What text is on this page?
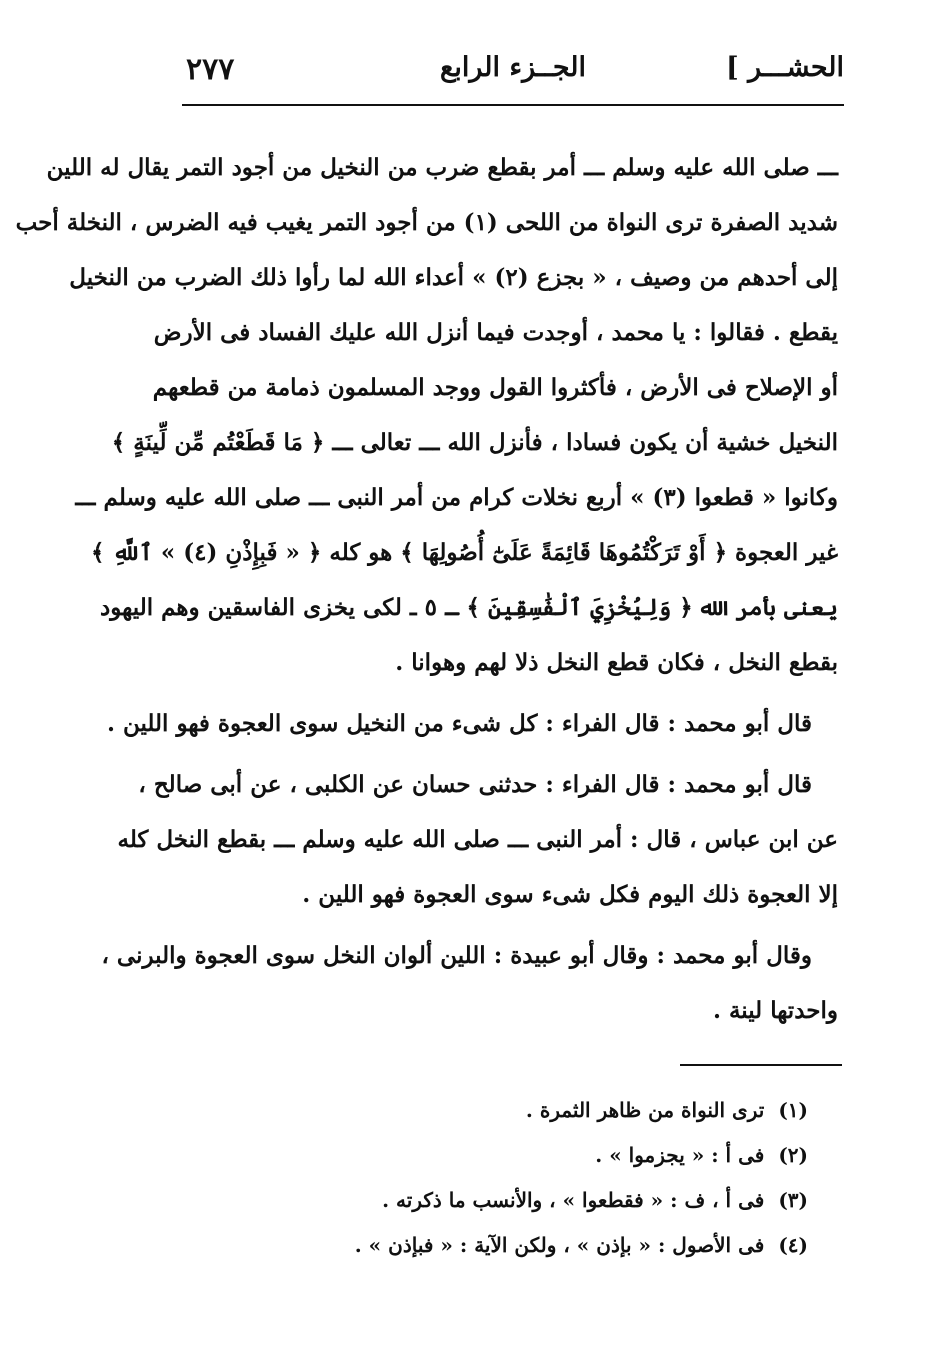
الحشـــر ]
الجــزء الرابع
٢٧٧
ـــ صلى الله عليه وسلم ـــ أمر بقطع ضرب من النخيل من أجود التمر يقال له اللين
شديد الصفرة ترى النواة من اللحى (١) من أجود التمر يغيب فيه الضرس ، النخلة أحب
إلى أحدهم من وصيف ، « بجزع (٢) » أعداء الله لما رأوا ذلك الضرب من النخيل
يقطع . فقالوا : يا محمد ، أوجدت فيما أنزل الله عليك الفساد فى الأرض
أو الإصلاح فى الأرض ، فأكثروا القول ووجد المسلمون ذمامة من قطعهم
النخيل خشية أن يكون فسادا ، فأنزل الله ـــ تعالى ـــ ﴿ مَا قَطَعْتُم مِّن لِّينَةٍ ﴾
وكانوا « قطعوا (٣) » أربع نخلات كرام من أمر النبى ـــ صلى الله عليه وسلم ـــ
غير العجوة ﴿ أَوْ تَرَكْتُمُوهَا قَائِمَةً عَلَىٰٓ أُصُولِهَا ﴾ هو كله ﴿ « فَبِإِذْنِ (٤) » ٱللَّهِ ﴾
يعنى بأمر الله ﴿ وَلِيُخْزِيَ ٱلْفَٰسِقِينَ ﴾ ـ ٥ ـ لكى يخزى الفاسقين وهم اليهود
بقطع النخل ، فكان قطع النخل ذلا لهم وهوانا .
قال أبو محمد : قال الفراء : كل شىء من النخيل سوى العجوة فهو اللين .
قال أبو محمد : قال الفراء : حدثنى حسان عن الكلبى ، عن أبى صالح ،
عن ابن عباس ، قال : أمر النبى ـــ صلى الله عليه وسلم ـــ بقطع النخل كله
إلا العجوة ذلك اليوم فكل شىء سوى العجوة فهو اللين .
وقال أبو محمد : وقال أبو عبيدة : اللين ألوان النخل سوى العجوة والبرنى ،
واحدتها لينة .
(١)ترى النواة من ظاهر الثمرة .
(٢)فى أ : « يجزموا » .
(٣)فى أ ، ف : « فقطعوا » ، والأنسب ما ذكرته .
(٤)فى الأصول : « بإذن » ، ولكن الآية : « فبإذن » .
